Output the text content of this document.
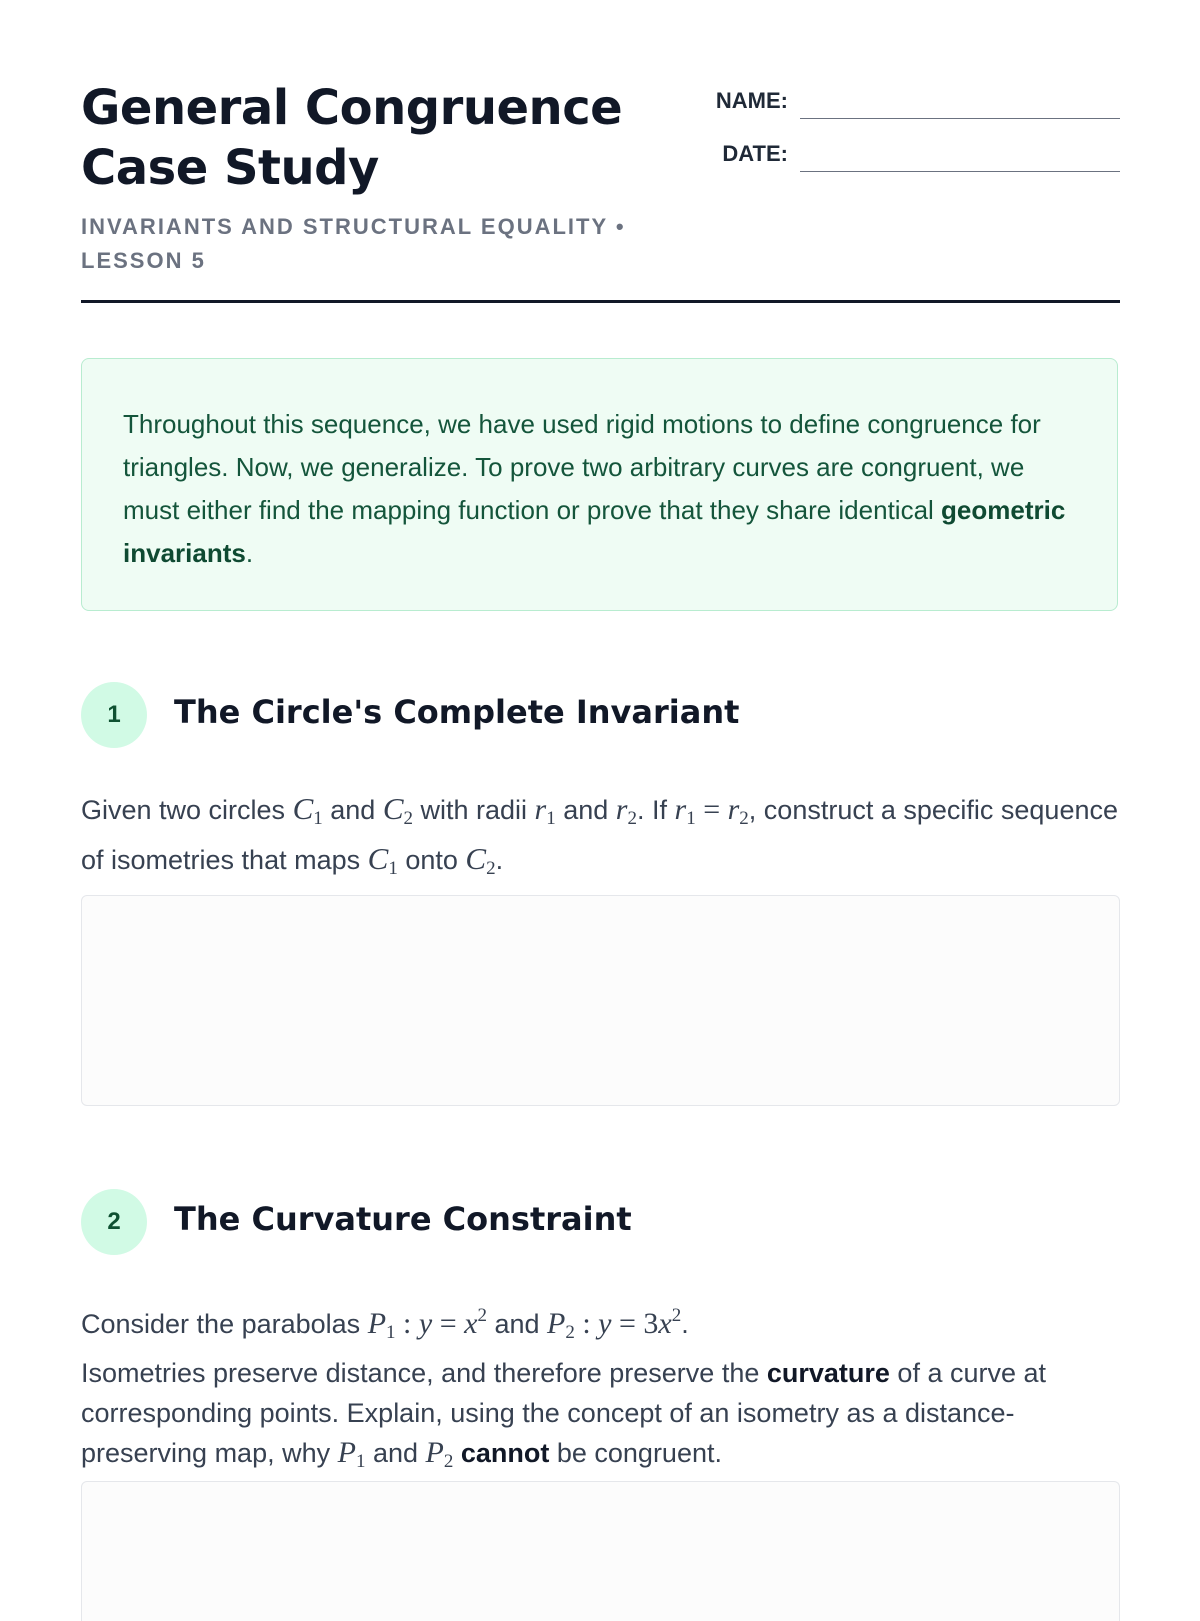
General Congruence Case Study
INVARIANTS AND STRUCTURAL EQUALITY • LESSON 5
NAME:
DATE:

Throughout this sequence, we have used rigid motions to define congruence for triangles. Now, we generalize. To prove two arbitrary curves are congruent, we must either find the mapping function or prove that they share identical geometric invariants.

1	The Circle's Complete Invariant

Given two circles $C_1$ and $C_2$ with radii $r_1$ and $r_2$. If $r_1 = r_2$, construct a specific sequence of isometries that maps $C_1$ onto $C_2$.

2	The Curvature Constraint

Consider the parabolas $P_1$ : $y = x^2$ and $P_2$ : $y = 3x^2$.
Isometries preserve distance, and therefore preserve the curvature of a curve at corresponding points. Explain, using the concept of an isometry as a distance-preserving map, why $P_1$ and $P_2$ cannot be congruent.
